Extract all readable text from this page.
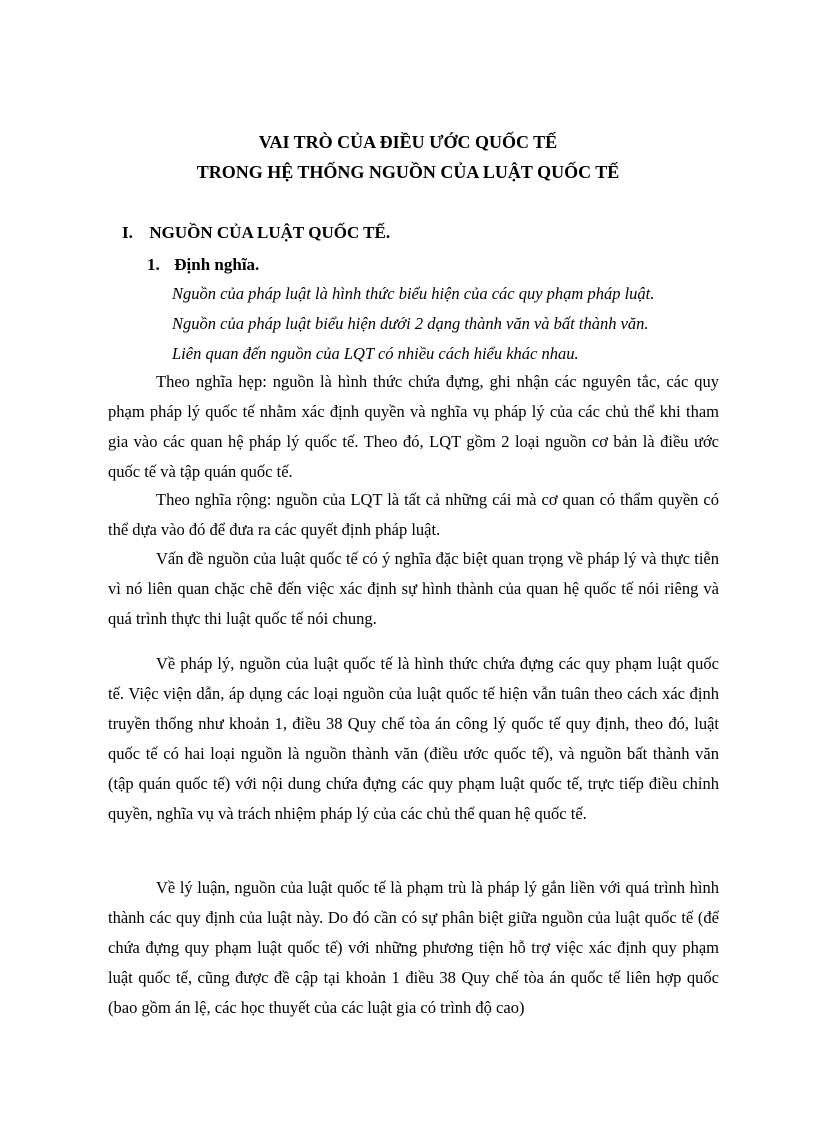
VAI TRÒ CỦA ĐIỀU ƯỚC QUỐC TẾ
TRONG HỆ THỐNG NGUỒN CỦA LUẬT QUỐC TẾ
I. NGUỒN CỦA LUẬT QUỐC TẾ.
1. Định nghĩa.
Nguồn của pháp luật là hình thức biểu hiện của các quy phạm pháp luật.
Nguồn của pháp luật biểu hiện dưới 2 dạng thành văn và bất thành văn.
Liên quan đến nguồn của LQT có nhiều cách hiểu khác nhau.

Theo nghĩa hẹp: nguồn là hình thức chứa đựng, ghi nhận các nguyên tắc, các quy phạm pháp lý quốc tế nhằm xác định quyền và nghĩa vụ pháp lý của các chủ thể khi tham gia vào các quan hệ pháp lý quốc tế. Theo đó, LQT gồm 2 loại nguồn cơ bản là điều ước quốc tế và tập quán quốc tế.

Theo nghĩa rộng: nguồn của LQT là tất cả những cái mà cơ quan có thẩm quyền có thể dựa vào đó để đưa ra các quyết định pháp luật.

Vấn đề nguồn của luật quốc tế có ý nghĩa đặc biệt quan trọng về pháp lý và thực tiễn vì nó liên quan chặc chẽ đến việc xác định sự hình thành của quan hệ quốc tế nói riêng và quá trình thực thi luật quốc tế nói chung.

Về pháp lý, nguồn của luật quốc tế là hình thức chứa đựng các quy phạm luật quốc tế. Việc viện dẫn, áp dụng các loại nguồn của luật quốc tế hiện vẫn tuân theo cách xác định truyền thống như khoản 1, điều 38 Quy chế tòa án công lý quốc tế quy định, theo đó, luật quốc tế có hai loại nguồn là nguồn thành văn (điều ước quốc tế), và nguồn bất thành văn (tập quán quốc tế) với nội dung chứa đựng các quy phạm luật quốc tế, trực tiếp điều chỉnh quyền, nghĩa vụ và trách nhiệm pháp lý của các chủ thể quan hệ quốc tế.

Về lý luận, nguồn của luật quốc tế là phạm trù là pháp lý gắn liền với quá trình hình thành các quy định của luật này. Do đó cần có sự phân biệt giữa nguồn của luật quốc tế (để chứa đựng quy phạm luật quốc tế) với những phương tiện hỗ trợ việc xác định quy phạm luật quốc tế, cũng được đề cập tại khoản 1 điều 38 Quy chế tòa án quốc tế liên hợp quốc (bao gồm án lệ, các học thuyết của các luật gia có trình độ cao)
